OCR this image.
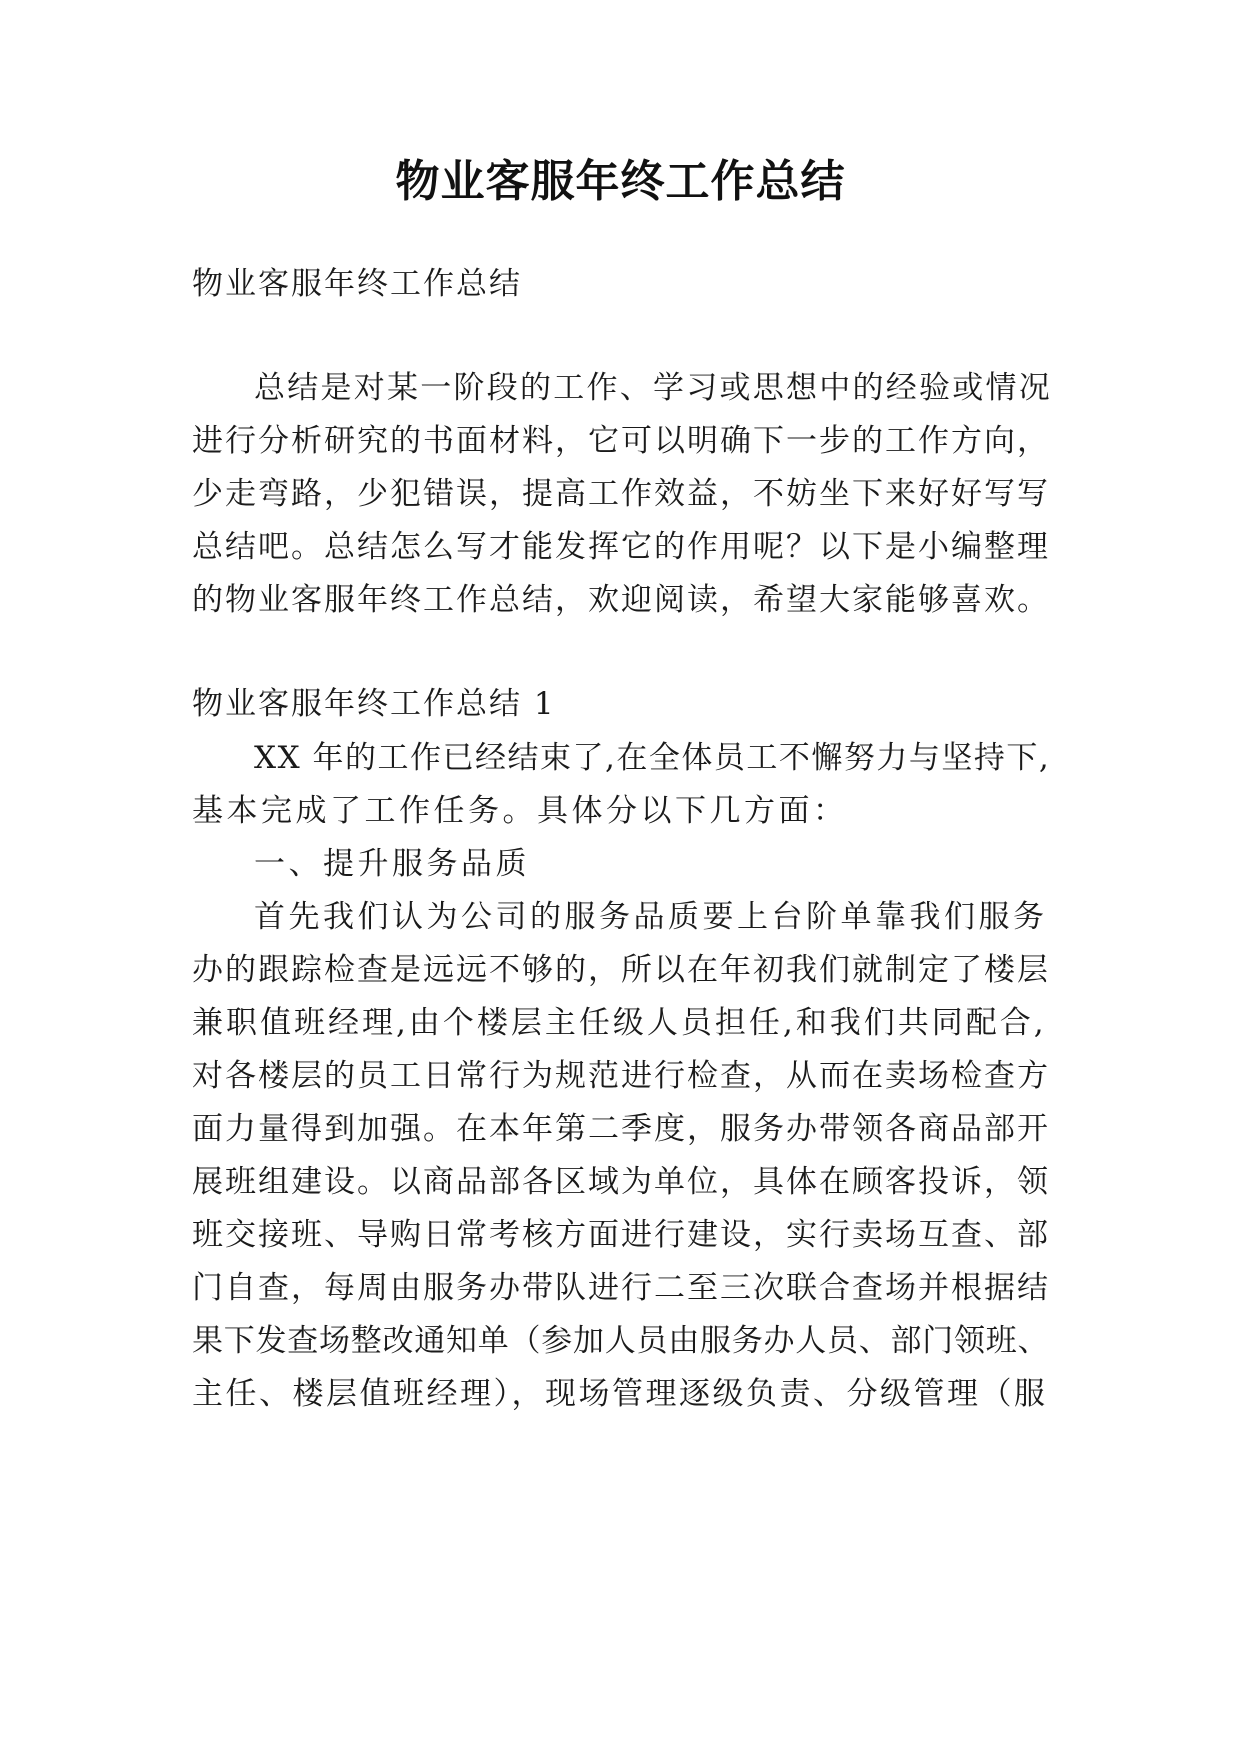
物业客服年终工作总结

物业客服年终工作总结

总结是对某一阶段的工作、学习或思想中的经验或情况

进行分析研究的书面材料，它可以明确下一步的工作方向，

少走弯路，少犯错误，提高工作效益，不妨坐下来好好写写

总结吧。总结怎么写才能发挥它的作用呢？以下是小编整理

的物业客服年终工作总结，欢迎阅读，希望大家能够喜欢。

物业客服年终工作总结 1

XX 年的工作已经结束了,在全体员工不懈努力与坚持下,

基本完成了工作任务。具体分以下几方面：

一、提升服务品质

首先我们认为公司的服务品质要上台阶单靠我们服务

办的跟踪检查是远远不够的，所以在年初我们就制定了楼层

兼职值班经理,由个楼层主任级人员担任,和我们共同配合,

对各楼层的员工日常行为规范进行检查，从而在卖场检查方

面力量得到加强。在本年第二季度，服务办带领各商品部开

展班组建设。以商品部各区域为单位，具体在顾客投诉，领

班交接班、导购日常考核方面进行建设，实行卖场互查、部

门自查，每周由服务办带队进行二至三次联合查场并根据结

果下发查场整改通知单（参加人员由服务办人员、部门领班、

主任、楼层值班经理），现场管理逐级负责、分级管理（服
